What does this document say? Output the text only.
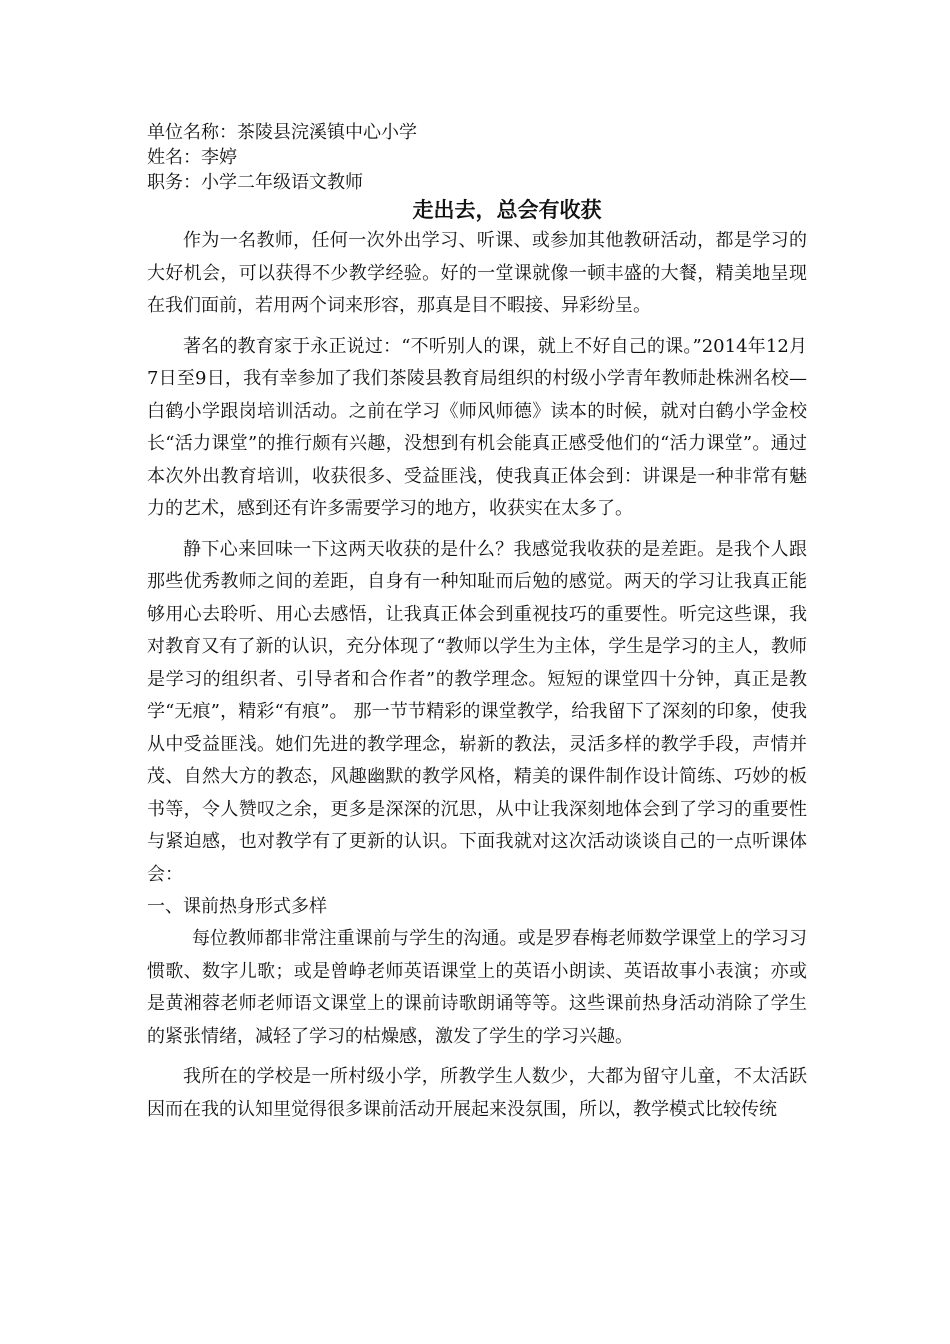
单位名称：茶陵县浣溪镇中心小学
姓名：李婷
职务：小学二年级语文教师
走出去，总会有收获

作为一名教师，任何一次外出学习、听课、或参加其他教研活动，都是学习的大好机会，可以获得不少教学经验。好的一堂课就像一顿丰盛的大餐，精美地呈现在我们面前，若用两个词来形容，那真是目不暇接、异彩纷呈。

著名的教育家于永正说过：“不听别人的课，就上不好自己的课。”2014年12月7日至9日，我有幸参加了我们茶陵县教育局组织的村级小学青年教师赴株洲名校—白鹤小学跟岗培训活动。之前在学习《师风师德》读本的时候，就对白鹤小学金校长“活力课堂”的推行颇有兴趣，没想到有机会能真正感受他们的“活力课堂”。通过本次外出教育培训，收获很多、受益匪浅，使我真正体会到：讲课是一种非常有魅力的艺术，感到还有许多需要学习的地方，收获实在太多了。

静下心来回味一下这两天收获的是什么？我感觉我收获的是差距。是我个人跟那些优秀教师之间的差距，自身有一种知耻而后勉的感觉。两天的学习让我真正能够用心去聆听、用心去感悟，让我真正体会到重视技巧的重要性。听完这些课，我对教育又有了新的认识，充分体现了“教师以学生为主体，学生是学习的主人，教师是学习的组织者、引导者和合作者”的教学理念。短短的课堂四十分钟，真正是教学“无痕”，精彩“有痕”。 那一节节精彩的课堂教学，给我留下了深刻的印象，使我从中受益匪浅。她们先进的教学理念，崭新的教法，灵活多样的教学手段，声情并茂、自然大方的教态，风趣幽默的教学风格，精美的课件制作设计简练、巧妙的板书等，令人赞叹之余，更多是深深的沉思，从中让我深刻地体会到了学习的重要性与紧迫感，也对教学有了更新的认识。下面我就对这次活动谈谈自己的一点听课体会：

一、课前热身形式多样

每位教师都非常注重课前与学生的沟通。或是罗春梅老师数学课堂上的学习习惯歌、数字儿歌；或是曾峥老师英语课堂上的英语小朗读、英语故事小表演；亦或是黄湘蓉老师老师语文课堂上的课前诗歌朗诵等等。这些课前热身活动消除了学生的紧张情绪，减轻了学习的枯燥感，激发了学生的学习兴趣。

我所在的学校是一所村级小学，所教学生人数少，大都为留守儿童，不太活跃因而在我的认知里觉得很多课前活动开展起来没氛围，所以，教学模式比较传统
